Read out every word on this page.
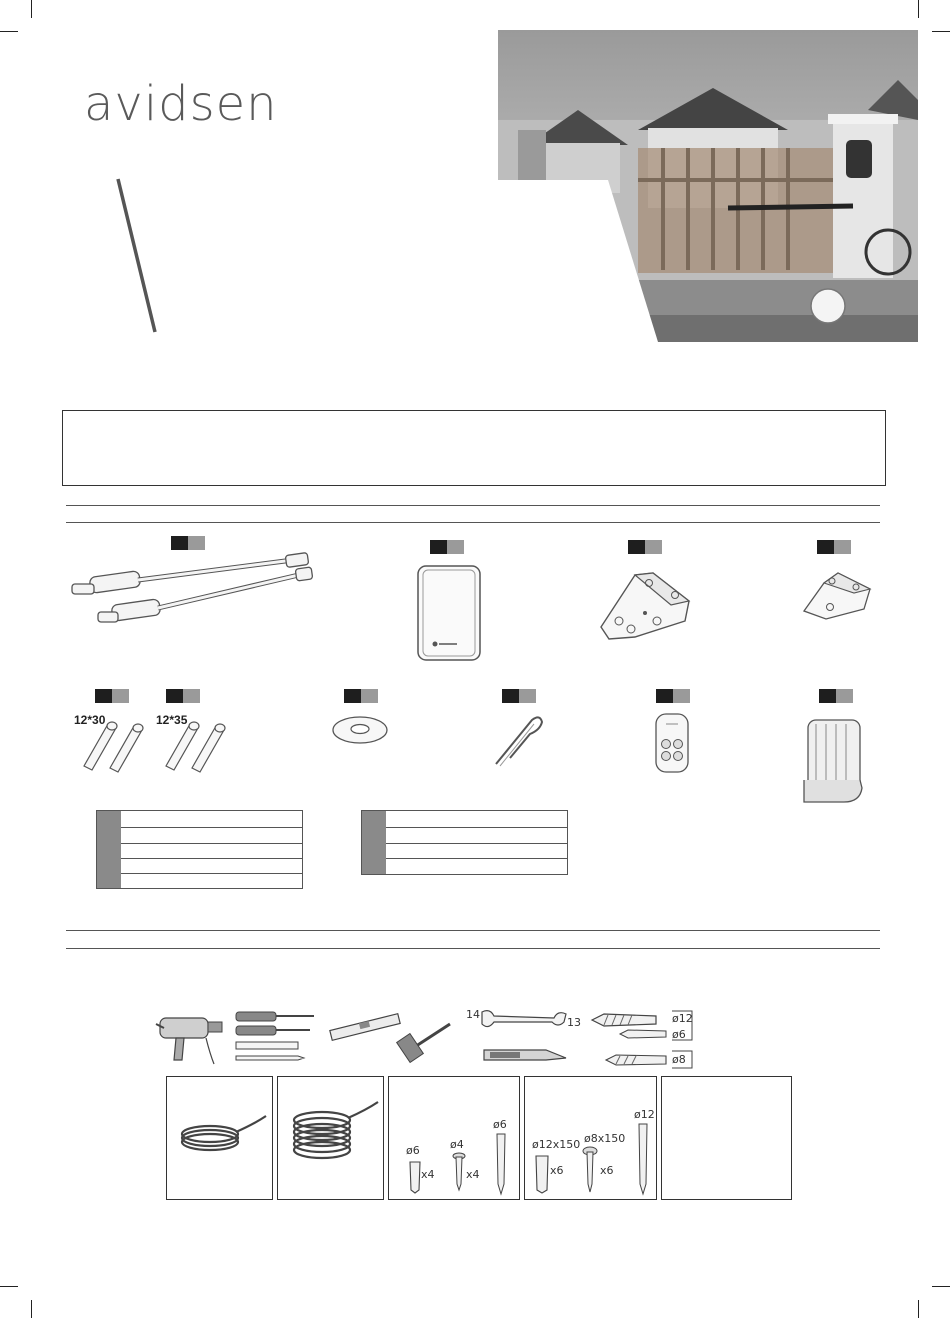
avidsen
12*30	12*35
14
13	ø12
ø6
ø8
ø6
x4
ø4
x4
ø6
ø12x150
x6
ø8x150
x6
ø12
